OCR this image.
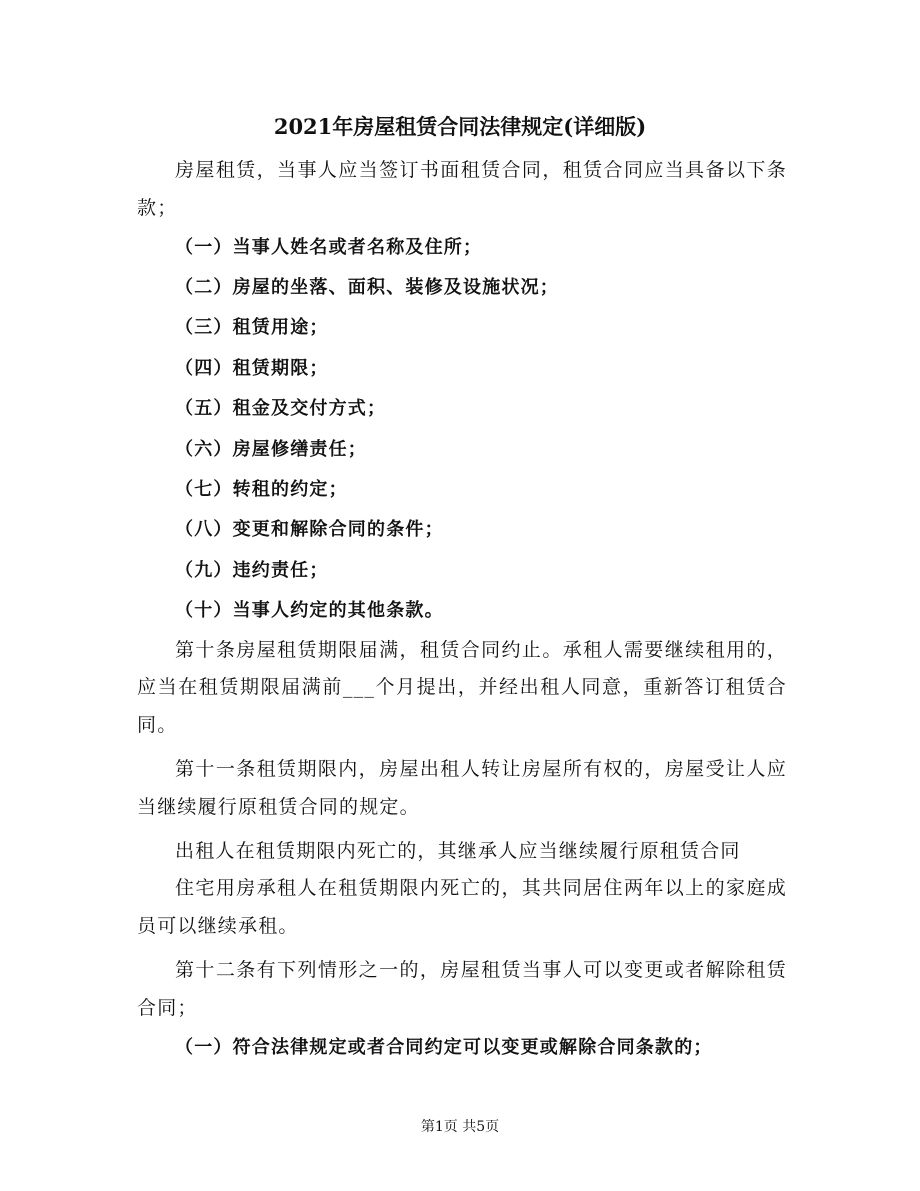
2021年房屋租赁合同法律规定(详细版)

房屋租赁，当事人应当签订书面租赁合同，租赁合同应当具备以下条款；

（一）当事人姓名或者名称及住所；

（二）房屋的坐落、面积、装修及设施状况；

（三）租赁用途；

（四）租赁期限；

（五）租金及交付方式；

（六）房屋修缮责任；

（七）转租的约定；

（八）变更和解除合同的条件；

（九）违约责任；

（十）当事人约定的其他条款。

第十条房屋租赁期限届满，租赁合同约止。承租人需要继续租用的，应当在租赁期限届满前___个月提出，并经出租人同意，重新答订租赁合同。

第十一条租赁期限内，房屋出租人转让房屋所有权的，房屋受让人应当继续履行原租赁合同的规定。

出租人在租赁期限内死亡的，其继承人应当继续履行原租赁合同

住宅用房承租人在租赁期限内死亡的，其共同居住两年以上的家庭成员可以继续承租。

第十二条有下列情形之一的，房屋租赁当事人可以变更或者解除租赁合同；

（一）符合法律规定或者合同约定可以变更或解除合同条款的；

第1页 共5页
